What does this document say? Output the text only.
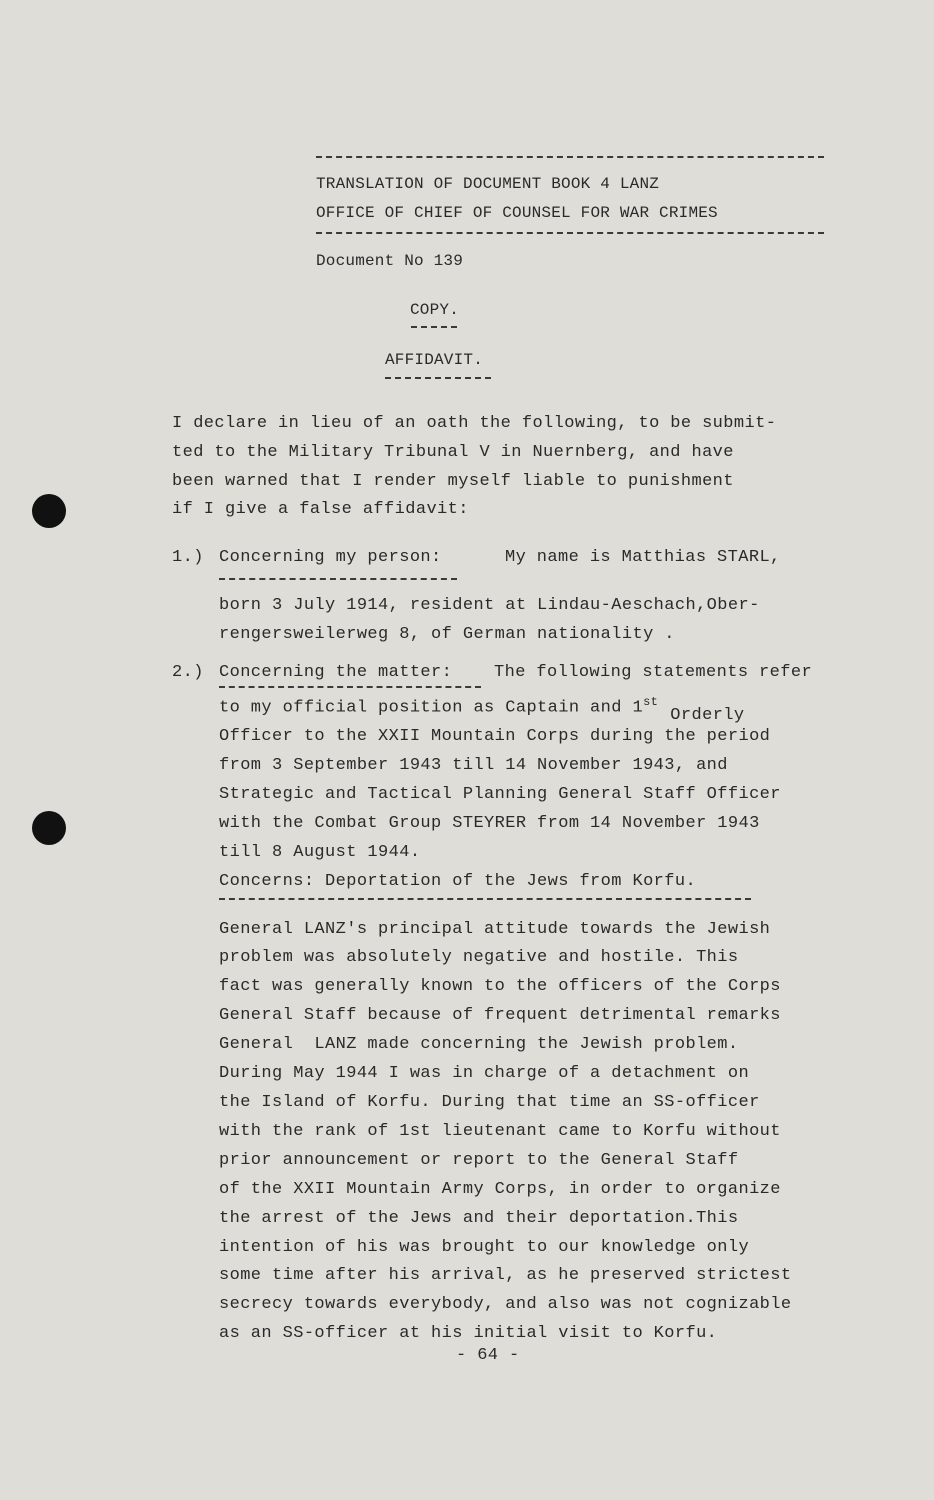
TRANSLATION OF DOCUMENT BOOK 4 LANZ
OFFICE OF CHIEF OF COUNSEL FOR WAR CRIMES
Document No 139
COPY.
AFFIDAVIT.
I declare in lieu of an oath the following, to be submit-
ted to the Military Tribunal V in Nuernberg, and have
been warned that I render myself liable to punishment
if I give a false affidavit:
1.) Concerning my person:	My name is Matthias STARL,
born 3 July 1914, resident at Lindau-Aeschach,Ober-
rengersweilerweg 8, of German nationality .
2.) Concerning the matter: The following statements refer
to my official position as Captain and 1stOrderly
Officer to the XXII Mountain Corps during the period
from 3 September 1943 till 14 November 1943, and
Strategic and Tactical Planning General Staff Officer
with the Combat Group STEYRER from 14 November 1943
till 8 August 1944.
Concerns: Deportation of the Jews from Korfu.
General LANZ's principal attitude towards the Jewish
problem was absolutely negative and hostile. This
fact was generally known to the officers of the Corps
General Staff because of frequent detrimental remarks
General  LANZ made concerning the Jewish problem.
During May 1944 I was in charge of a detachment on
the Island of Korfu. During that time an SS-officer
with the rank of 1st lieutenant came to Korfu without
prior announcement or report to the General Staff
of the XXII Mountain Army Corps, in order to organize
the arrest of the Jews and their deportation.This
intention of his was brought to our knowledge only
some time after his arrival, as he preserved strictest
secrecy towards everybody, and also was not cognizable
as an SS-officer at his initial visit to Korfu.
- 64 -
